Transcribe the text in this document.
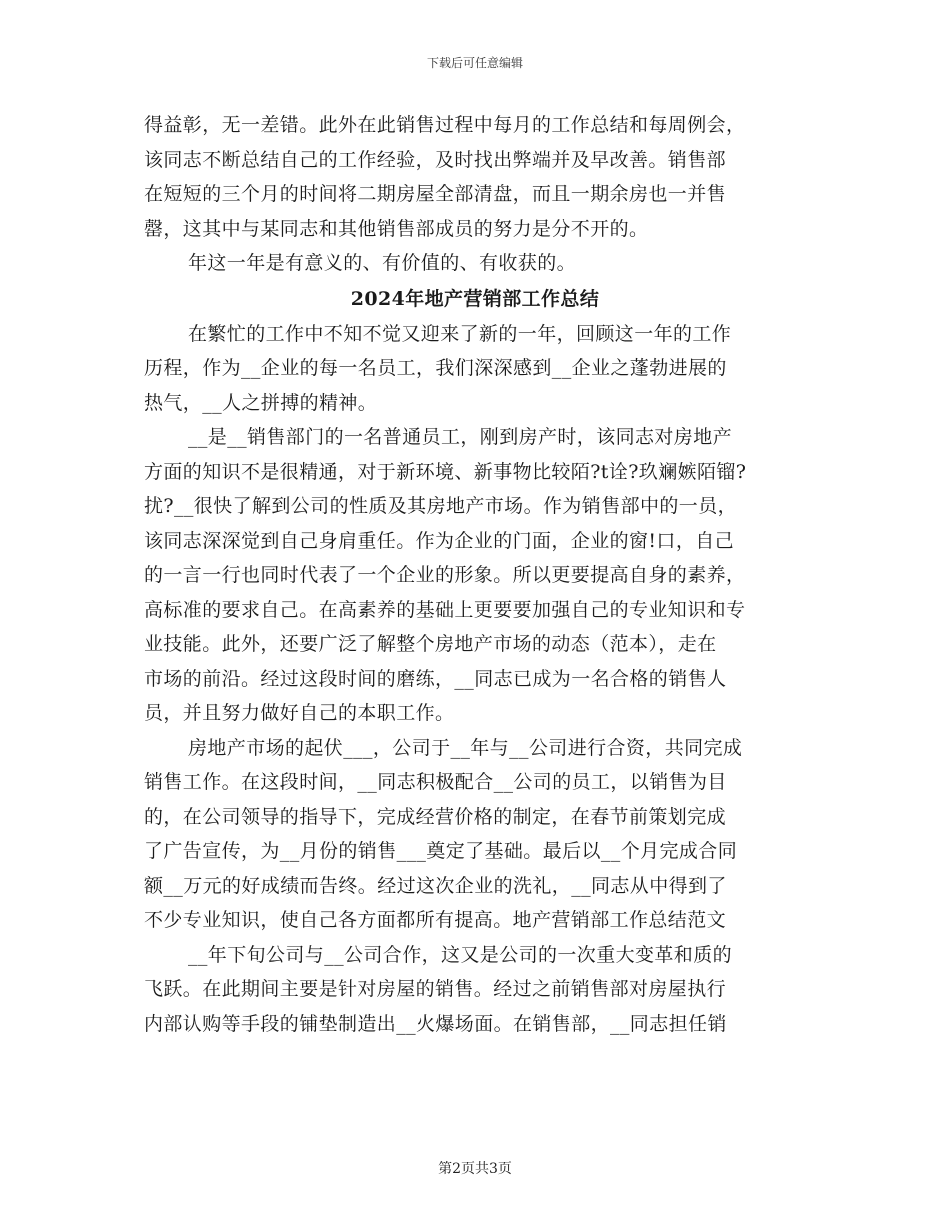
下载后可任意编辑
得益彰，无一差错。此外在此销售过程中每月的工作总结和每周例会，
该同志不断总结自己的工作经验，及时找出弊端并及早改善。销售部
在短短的三个月的时间将二期房屋全部清盘，而且一期余房也一并售
罄，这其中与某同志和其他销售部成员的努力是分不开的。
年这一年是有意义的、有价值的、有收获的。
2024年地产营销部工作总结
在繁忙的工作中不知不觉又迎来了新的一年，回顾这一年的工作
历程，作为__企业的每一名员工，我们深深感到__企业之蓬勃进展的
热气，__人之拼搏的精神。
__是__销售部门的一名普通员工，刚到房产时，该同志对房地产
方面的知识不是很精通，对于新环境、新事物比较陌?t诠?玖斓嫉陌镏?
扰?__很快了解到公司的性质及其房地产市场。作为销售部中的一员，
该同志深深觉到自己身肩重任。作为企业的门面，企业的窗!口，自己
的一言一行也同时代表了一个企业的形象。所以更要提高自身的素养，
高标准的要求自己。在高素养的基础上更要要加强自己的专业知识和专
业技能。此外，还要广泛了解整个房地产市场的动态（范本），走在
市场的前沿。经过这段时间的磨练，__同志已成为一名合格的销售人
员，并且努力做好自己的本职工作。
房地产市场的起伏___，公司于__年与__公司进行合资，共同完成
销售工作。在这段时间，__同志积极配合__公司的员工，以销售为目
的，在公司领导的指导下，完成经营价格的制定，在春节前策划完成
了广告宣传，为__月份的销售___奠定了基础。最后以__个月完成合同
额__万元的好成绩而告终。经过这次企业的洗礼，__同志从中得到了
不少专业知识，使自己各方面都所有提高。地产营销部工作总结范文
__年下旬公司与__公司合作，这又是公司的一次重大变革和质的
飞跃。在此期间主要是针对房屋的销售。经过之前销售部对房屋执行
内部认购等手段的铺垫制造出__火爆场面。在销售部，__同志担任销
第2页共3页
